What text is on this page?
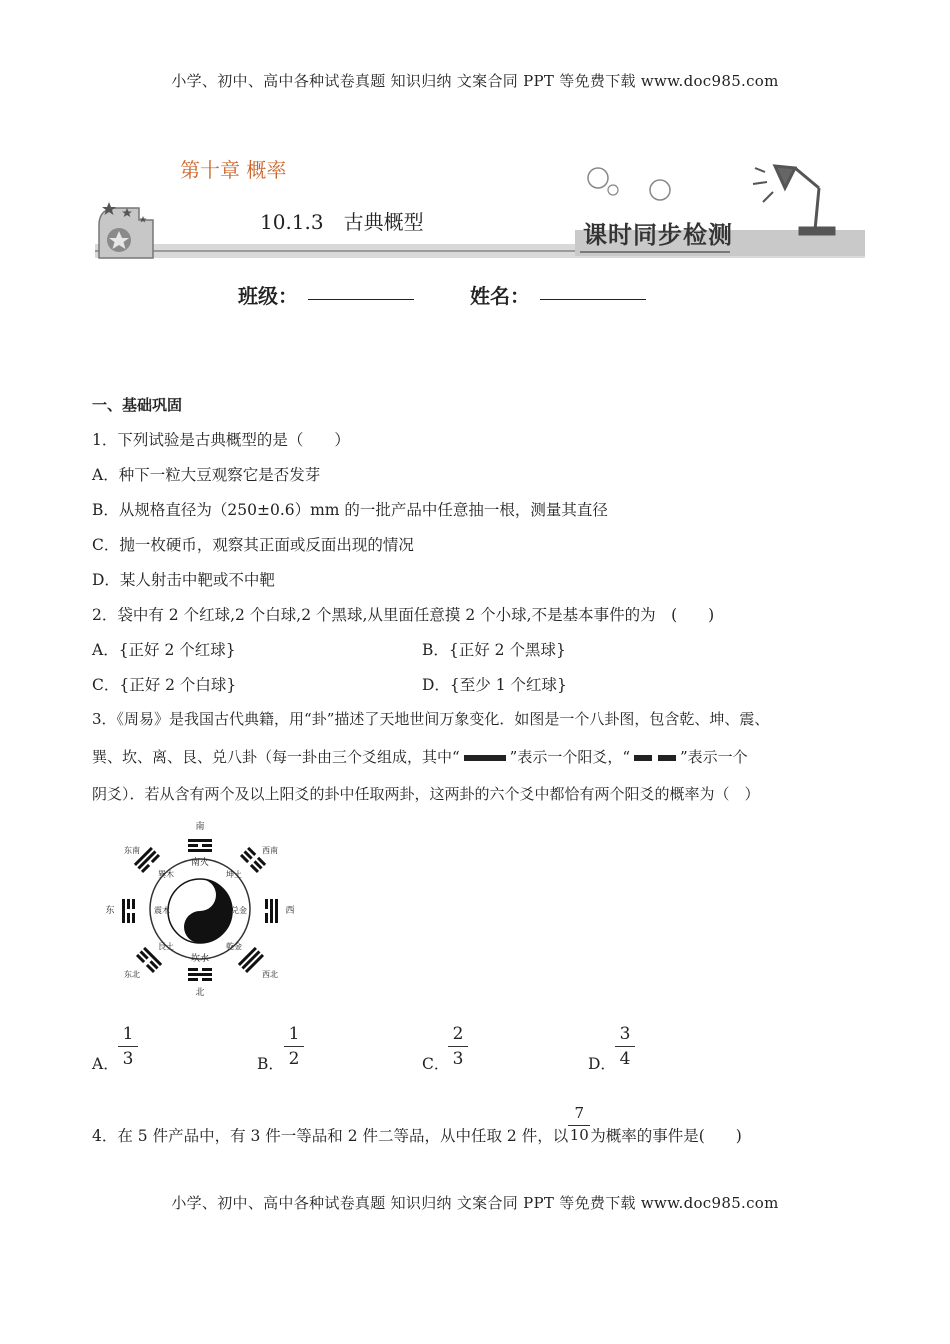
小学、初中、高中各种试卷真题 知识归纳 文案合同 PPT 等免费下载 www.doc985.com
第十章 概率
10.1.3　古典概型	课时同步检测
班级：	姓名：
一、基础巩固
1．下列试验是古典概型的是（　　）
A．种下一粒大豆观察它是否发芽
B．从规格直径为（250±0.6）mm 的一批产品中任意抽一根，测量其直径
C．抛一枚硬币，观察其正面或反面出现的情况
D．某人射击中靶或不中靶
2．袋中有 2 个红球,2 个白球,2 个黑球,从里面任意摸 2 个小球,不是基本事件的为　(　　)
A．{正好 2 个红球}	B．{正好 2 个黑球}
C．{正好 2 个白球}	D．{至少 1 个红球}
3．《周易》是我国古代典籍，用“卦”描述了天地世间万象变化．如图是一个八卦图，包含乾、坤、震、
巽、坎、离、艮、兑八卦（每一卦由三个爻组成，其中“	”表示一个阳爻，“	”表示一个
阴爻）．若从含有两个及以上阳爻的卦中任取两卦，这两卦的六个爻中都恰有两个阳爻的概率为（　）
南
南火
北
坎水
东	震木	西
兑金
东南
巽木
西南
坤土
东北
艮土
西北
乾金
A．
1
3	B．
1
2	C．
2
3	D．
3
4
4．在 5 件产品中，有 3 件一等品和 2 件二等品，从中任取 2 件，以 $\frac{7}{10}$ 为概率的事件是(　　)
小学、初中、高中各种试卷真题 知识归纳 文案合同 PPT 等免费下载 www.doc985.com
